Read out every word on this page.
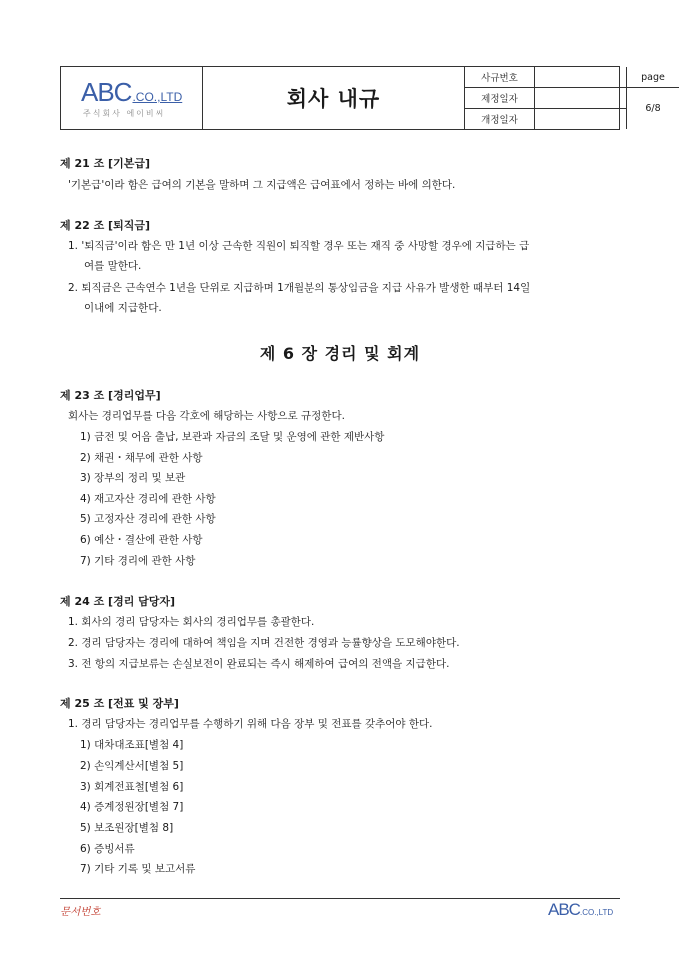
ABC.CO.,LTD
주식회사 에이비씨
회사 내규
사규번호
제정일자
개정일자
page
6/8
제 21 조 [기본급]
'기본급'이라 함은 급여의 기본을 말하며 그 지급액은 급여표에서 정하는 바에 의한다.
제 22 조 [퇴직금]
1. '퇴직금'이라 함은 만 1년 이상 근속한 직원이 퇴직할 경우 또는 재직 중 사망할 경우에 지급하는 급
여를 말한다.
2. 퇴직금은 근속연수 1년을 단위로 지급하며 1개월분의 통상임금을 지급 사유가 발생한 때부터 14일
이내에 지급한다.
제 6 장 경리 및 회계
제 23 조 [경리업무]
회사는 경리업무를 다음 각호에 해당하는 사항으로 규정한다.
1) 금전 및 어음 출납, 보관과 자금의 조달 및 운영에 관한 제반사항
2) 채권・채무에 관한 사항
3) 장부의 정리 및 보관
4) 재고자산 경리에 관한 사항
5) 고정자산 경리에 관한 사항
6) 예산・결산에 관한 사항
7) 기타 경리에 관한 사항
제 24 조 [경리 담당자]
1. 회사의 경리 담당자는 회사의 경리업무를 총괄한다.
2. 경리 담당자는 경리에 대하여 책임을 지며 건전한 경영과 능률향상을 도모해야한다.
3. 전 항의 지급보류는 손실보전이 완료되는 즉시 해제하여 급여의 전액을 지급한다.
제 25 조 [전표 및 장부]
1. 경리 담당자는 경리업무를 수행하기 위해 다음 장부 및 전표를 갖추어야 한다.
1) 대차대조표[별첨 4]
2) 손익계산서[별첨 5]
3) 회계전표철[별첨 6]
4) 증계정원장[별첨 7]
5) 보조원장[별첨 8]
6) 증빙서류
7) 기타 기록 및 보고서류
문서번호	ABC.CO.,LTD
